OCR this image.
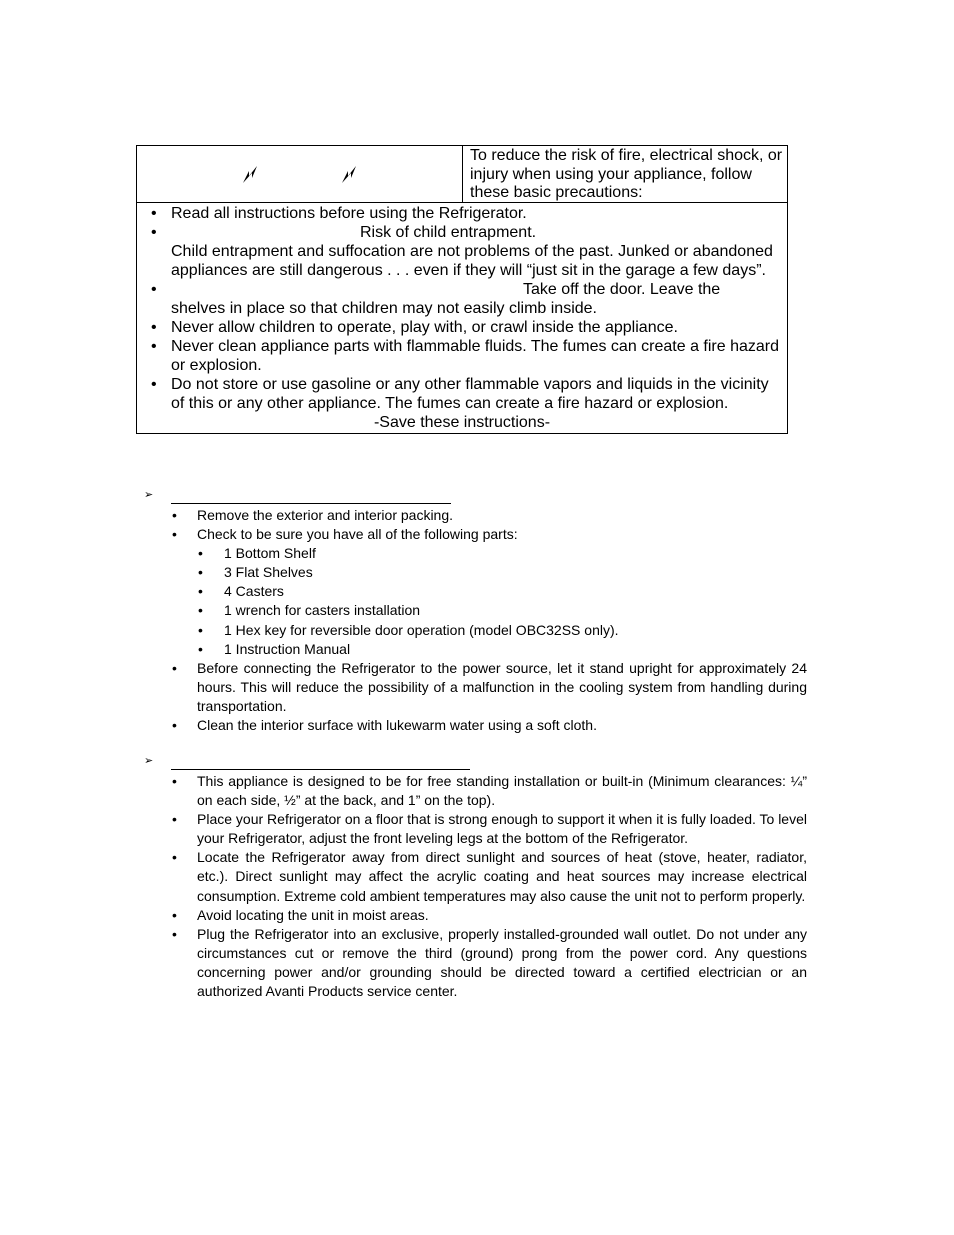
To reduce the risk of fire, electrical shock, or injury when using your appliance, follow these basic precautions:
• Read all instructions before using the Refrigerator.
•	Risk of child entrapment.
Child entrapment and suffocation are not problems of the past. Junked or abandoned appliances are still dangerous . . . even if they will “just sit in the garage a few days”.
•	Take off the door. Leave the
shelves in place so that children may not easily climb inside.
• Never allow children to operate, play with, or crawl inside the appliance.
• Never clean appliance parts with flammable fluids. The fumes can create a fire hazard or explosion.
• Do not store or use gasoline or any other flammable vapors and liquids in the vicinity of this or any other appliance. The fumes can create a fire hazard or explosion.
-Save these instructions-
➢
• Remove the exterior and interior packing.
• Check to be sure you have all of the following parts:
• 1 Bottom Shelf
• 3 Flat Shelves
• 4 Casters
• 1 wrench for casters installation
• 1 Hex key for reversible door operation (model OBC32SS only).
• 1 Instruction Manual
• Before connecting the Refrigerator to the power source, let it stand upright for approximately 24 hours. This will reduce the possibility of a malfunction in the cooling system from handling during transportation.
• Clean the interior surface with lukewarm water using a soft cloth.
➢
• This appliance is designed to be for free standing installation or built-in (Minimum clearances: ¼” on each side, ½” at the back, and 1” on the top).
• Place your Refrigerator on a floor that is strong enough to support it when it is fully loaded. To level your Refrigerator, adjust the front leveling legs at the bottom of the Refrigerator.
• Locate the Refrigerator away from direct sunlight and sources of heat (stove, heater, radiator, etc.). Direct sunlight may affect the acrylic coating and heat sources may increase electrical consumption. Extreme cold ambient temperatures may also cause the unit not to perform properly.
• Avoid locating the unit in moist areas.
• Plug the Refrigerator into an exclusive, properly installed-grounded wall outlet. Do not under any circumstances cut or remove the third (ground) prong from the power cord. Any questions concerning power and/or grounding should be directed toward a certified electrician or an authorized Avanti Products service center.
